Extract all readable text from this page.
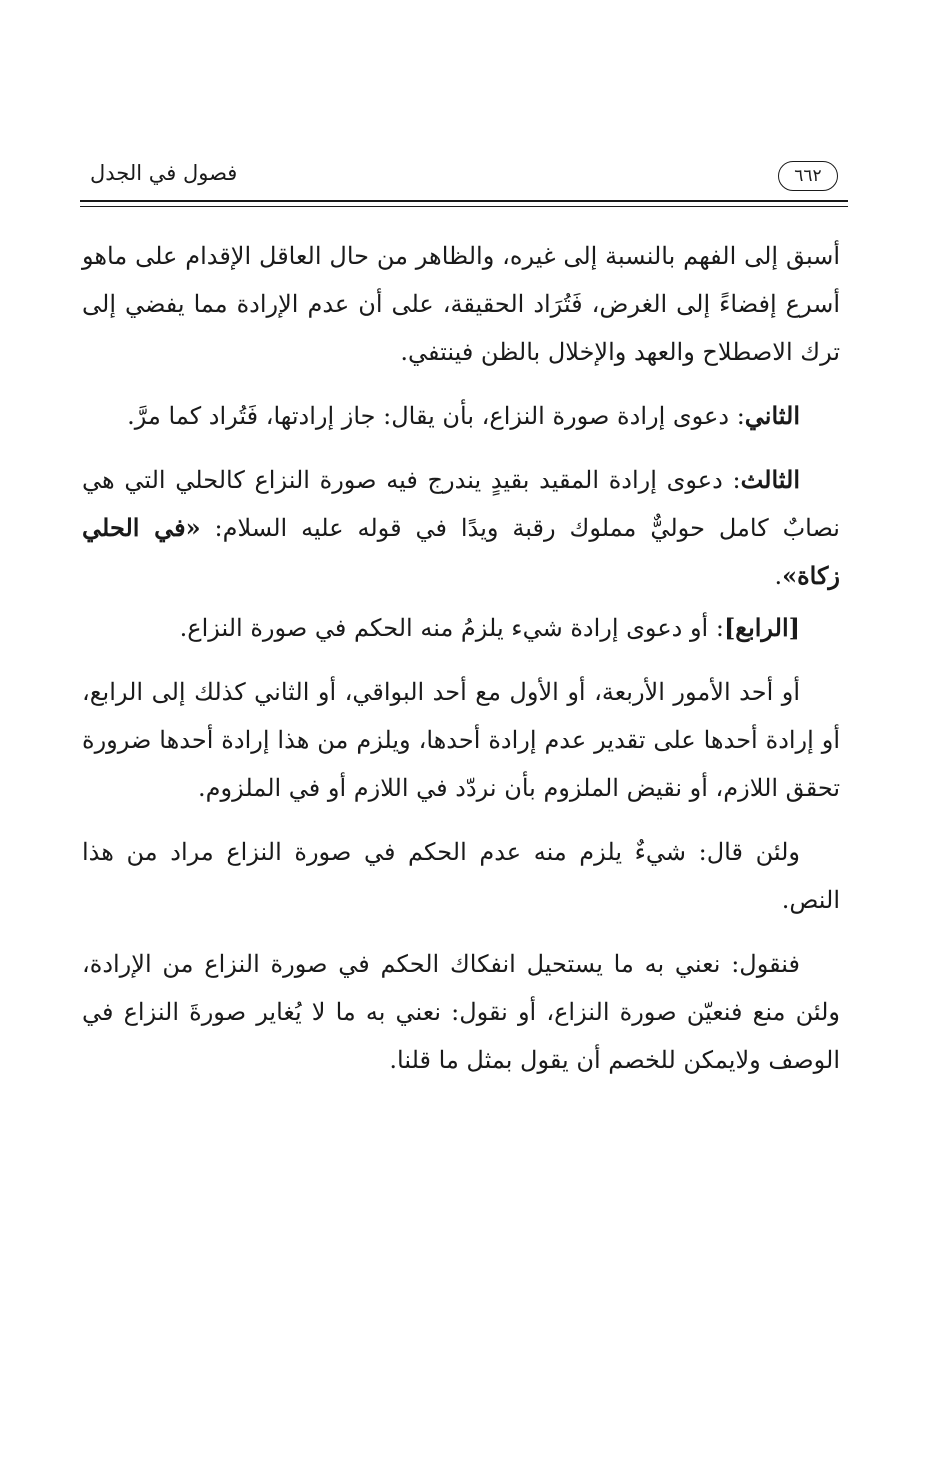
٦٦٢
فصول في الجدل

أسبق إلى الفهم بالنسبة إلى غيره، والظاهر من حال العاقل الإقدام على ماهو أسرع إفضاءً إلى الغرض، فَتُرَاد الحقيقة، على أن عدم الإرادة مما يفضي إلى ترك الاصطلاح والعهد والإخلال بالظن فينتفي.

الثاني: دعوى إرادة صورة النزاع، بأن يقال: جاز إرادتها، فَتُراد كما مرَّ.

الثالث: دعوى إرادة المقيد بقيدٍ يندرج فيه صورة النزاع كالحلي التي هي نصابٌ كامل حوليٌّ مملوك رقبة ويدًا في قوله عليه السلام: «في الحلي زكاة».

[الرابع]: أو دعوى إرادة شيء يلزمُ منه الحكم في صورة النزاع.

أو أحد الأمور الأربعة، أو الأول مع أحد البواقي، أو الثاني كذلك إلى الرابع، أو إرادة أحدها على تقدير عدم إرادة أحدها، ويلزم من هذا إرادة أحدها ضرورة تحقق اللازم، أو نقيض الملزوم بأن نردّد في اللازم أو في الملزوم.

ولئن قال: شيءٌ يلزم منه عدم الحكم في صورة النزاع مراد من هذا النص.

فنقول: نعني به ما يستحيل انفكاك الحكم في صورة النزاع من الإرادة، ولئن منع فنعيّن صورة النزاع، أو نقول: نعني به ما لا يُغاير صورةَ النزاع في الوصف ولايمكن للخصم أن يقول بمثل ما قلنا.
